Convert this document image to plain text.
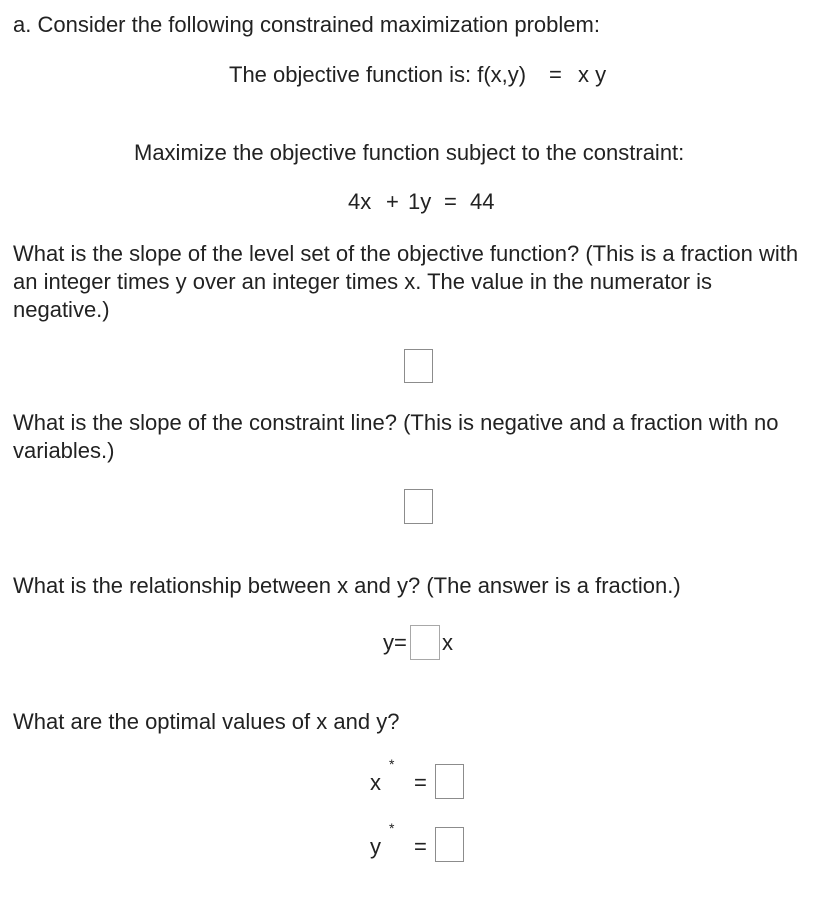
a. Consider the following constrained maximization problem:
The objective function is: f(x,y) = x y
Maximize the objective function subject to the constraint:
4x + 1y = 44
What is the slope of the level set of the objective function? (This is a fraction with an integer times y over an integer times x. The value in the numerator is negative.)
What is the slope of the constraint line? (This is negative and a fraction with no variables.)
What is the relationship between x and y? (The answer is a fraction.)
y= x
What are the optimal values of x and y?
x
*
=
y
*
=
